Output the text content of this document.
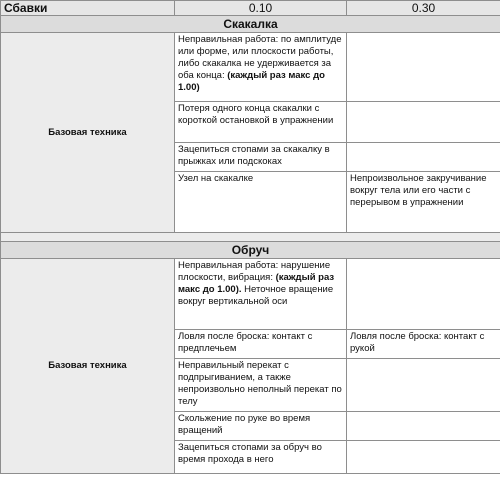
Сбавки	0.10	0.30
Скакалка		
Базовая техника	Неправильная работа: по амплитуде или форме, или плоскости работы, либо скакалка не удерживается за оба конца: (каждый раз макс до 1.00)	
	Потеря одного конца скакалки с короткой остановкой в упражнении	
	Зацепиться стопами за скакалку в прыжках или подскоках	
	Узел на скакалке	Непроизвольное закручивание вокруг тела или его части с перерывом в упражнении

Обруч		
Базовая техника	Неправильная работа: нарушение плоскости, вибрация: (каждый раз макс до 1.00). Неточное вращение вокруг вертикальной оси	
	Ловля после броска: контакт с предплечьем	Ловля после броска: контакт с рукой
	Неправильный перекат с подпрыгиванием, а также непроизвольно неполный перекат по телу	
	Скольжение по руке во время вращений	
	Зацепиться стопами за обруч во время прохода в него	
